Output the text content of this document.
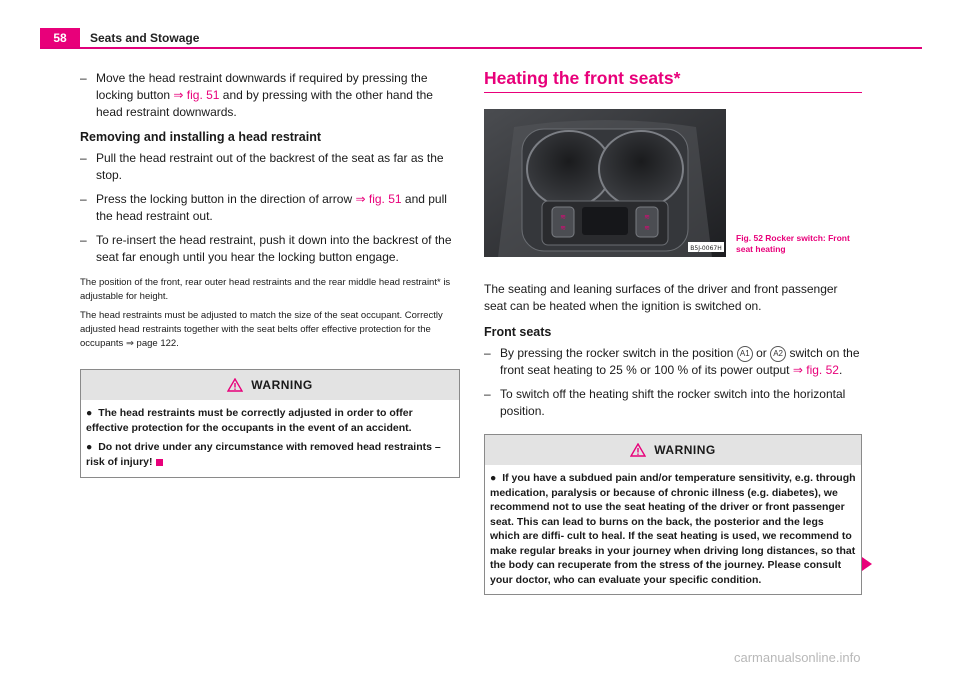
58	Seats and Stowage
– Move the head restraint downwards if required by pressing the locking button ⇒ fig. 51 and by pressing with the other hand the head restraint downwards.
Removing and installing a head restraint
– Pull the head restraint out of the backrest of the seat as far as the stop.
– Press the locking button in the direction of arrow ⇒ fig. 51 and pull the head restraint out.
– To re-insert the head restraint, push it down into the backrest of the seat far enough until you hear the locking button engage.

The position of the front, rear outer head restraints and the rear middle head restraint* is adjustable for height.

The head restraints must be adjusted to match the size of the seat occupant. Correctly adjusted head restraints together with the seat belts offer effective protection for the occupants ⇒ page 122.

WARNING

● The head restraints must be correctly adjusted in order to offer effective protection for the occupants in the event of an accident.

● Do not drive under any circumstance with removed head restraints – risk of injury!

Heating the front seats*
≋
≋
≋
≋
B5J-0067H
Fig. 52 Rocker switch: Front
seat heating

The seating and leaning surfaces of the driver and front passenger seat can be heated when the ignition is switched on.

Front seats
– By pressing the rocker switch in the position A1 or A2 switch on the front seat heating to 25 % or 100 % of its power output ⇒ fig. 52.
– To switch off the heating shift the rocker switch into the horizontal position.
WARNING

● If you have a subdued pain and/or temperature sensitivity, e.g. through medication, paralysis or because of chronic illness (e.g. diabetes), we recommend not to use the seat heating of the driver or front passenger seat. This can lead to burns on the back, the posterior and the legs which are diffi- cult to heal. If the seat heating is used, we recommend to make regular breaks in your journey when driving long distances, so that the body can recuperate from the stress of the journey. Please consult your doctor, who can evaluate your specific condition.

carmanualsonline.info
